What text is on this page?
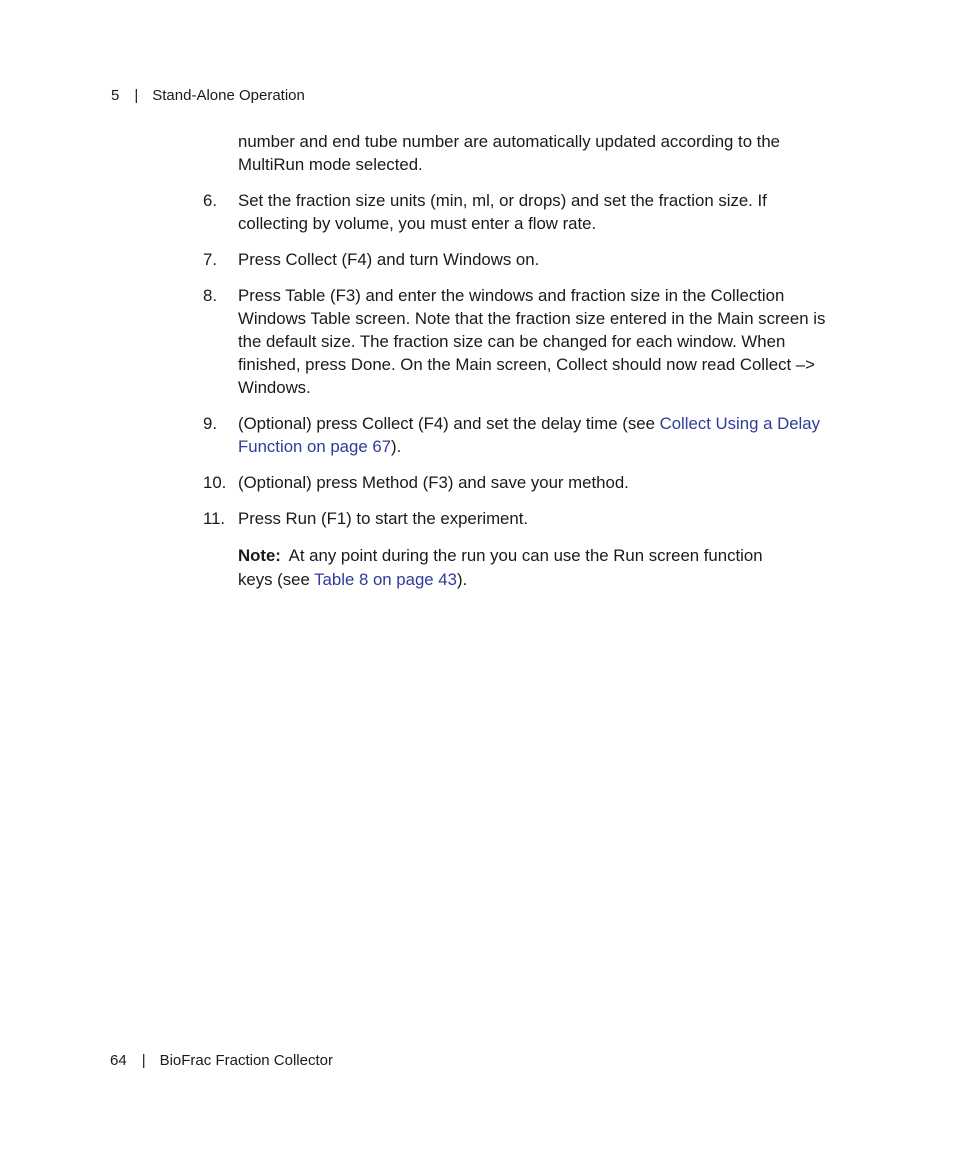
5 | Stand-Alone Operation

number and end tube number are automatically updated according to the MultiRun mode selected.

6. Set the fraction size units (min, ml, or drops) and set the fraction size. If collecting by volume, you must enter a flow rate.
7. Press Collect (F4) and turn Windows on.
8. Press Table (F3) and enter the windows and fraction size in the Collection Windows Table screen. Note that the fraction size entered in the Main screen is the default size. The fraction size can be changed for each window. When finished, press Done. On the Main screen, Collect should now read Collect –> Windows.
9. (Optional) press Collect (F4) and set the delay time (see Collect Using a Delay Function on page 67).
10. (Optional) press Method (F3) and save your method.
11. Press Run (F1) to start the experiment.
Note: At any point during the run you can use the Run screen function keys (see Table 8 on page 43).
64 | BioFrac Fraction Collector
